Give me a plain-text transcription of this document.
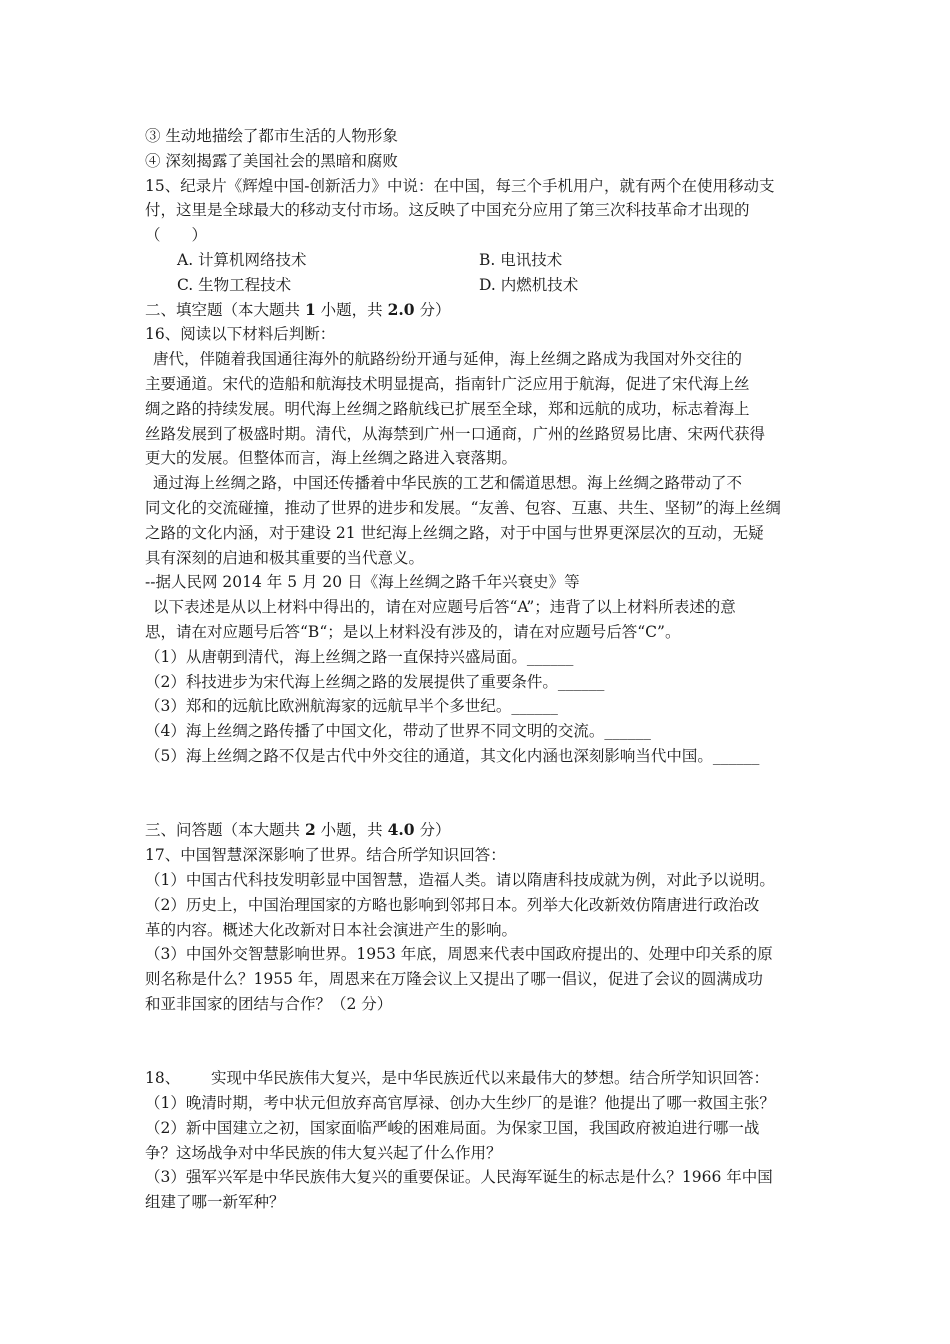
③ 生动地描绘了都市生活的人物形象
④ 深刻揭露了美国社会的黑暗和腐败
15、纪录片《辉煌中国-创新活力》中说：在中国，每三个手机用户，就有两个在使用移动支
付，这里是全球最大的移动支付市场。这反映了中国充分应用了第三次科技革命才出现的
（　　）
A. 计算机网络技术	B. 电讯技术
C. 生物工程技术	D. 内燃机技术
二、填空题（本大题共 1 小题，共 2.0 分）
16、阅读以下材料后判断：
唐代，伴随着我国通往海外的航路纷纷开通与延伸，海上丝绸之路成为我国对外交往的
主要通道。宋代的造船和航海技术明显提高，指南针广泛应用于航海，促进了宋代海上丝
绸之路的持续发展。明代海上丝绸之路航线已扩展至全球，郑和远航的成功，标志着海上
丝路发展到了极盛时期。清代，从海禁到广州一口通商，广州的丝路贸易比唐、宋两代获得
更大的发展。但整体而言，海上丝绸之路进入衰落期。
通过海上丝绸之路，中国还传播着中华民族的工艺和儒道思想。海上丝绸之路带动了不
同文化的交流碰撞，推动了世界的进步和发展。“友善、包容、互惠、共生、坚韧”的海上丝绸
之路的文化内涵，对于建设 21 世纪海上丝绸之路，对于中国与世界更深层次的互动，无疑
具有深刻的启迪和极其重要的当代意义。
--据人民网 2014 年 5 月 20 日《海上丝绸之路千年兴衰史》等
以下表述是从以上材料中得出的，请在对应题号后答“A”；违背了以上材料所表述的意
思，请在对应题号后答“B“；是以上材料没有涉及的，请在对应题号后答“C”。
（1）从唐朝到清代，海上丝绸之路一直保持兴盛局面。______
（2）科技进步为宋代海上丝绸之路的发展提供了重要条件。______
（3）郑和的远航比欧洲航海家的远航早半个多世纪。______
（4）海上丝绸之路传播了中国文化，带动了世界不同文明的交流。______
（5）海上丝绸之路不仅是古代中外交往的通道，其文化内涵也深刻影响当代中国。______
三、问答题（本大题共 2 小题，共 4.0 分）
17、中国智慧深深影响了世界。结合所学知识回答：
（1）中国古代科技发明彰显中国智慧，造福人类。请以隋唐科技成就为例，对此予以说明。
（2）历史上，中国治理国家的方略也影响到邻邦日本。列举大化改新效仿隋唐进行政治改
革的内容。概述大化改新对日本社会演进产生的影响。
（3）中国外交智慧影响世界。1953 年底，周恩来代表中国政府提出的、处理中印关系的原
则名称是什么？1955 年，周恩来在万隆会议上又提出了哪一倡议，促进了会议的圆满成功
和亚非国家的团结与合作？（2 分）
18、 实现中华民族伟大复兴，是中华民族近代以来最伟大的梦想。结合所学知识回答：
（1）晚清时期，考中状元但放弃高官厚禄、创办大生纱厂的是谁？他提出了哪一救国主张？
（2）新中国建立之初，国家面临严峻的困难局面。为保家卫国，我国政府被迫进行哪一战
争？这场战争对中华民族的伟大复兴起了什么作用？
（3）强军兴军是中华民族伟大复兴的重要保证。人民海军诞生的标志是什么？1966 年中国
组建了哪一新军种？
